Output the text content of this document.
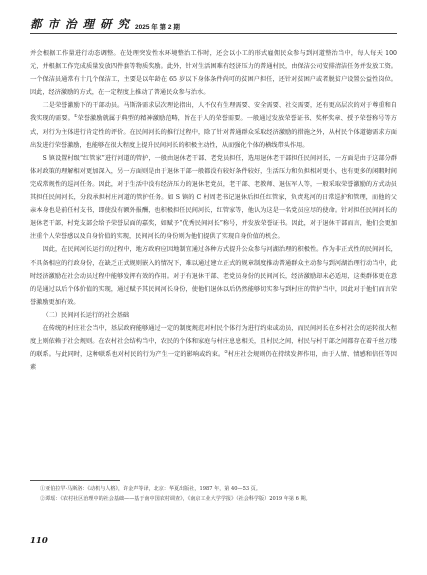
都 市 治 理 研 究 2025 年 第 2 期

并会根据工作量进行动态调整。在处理突发性水环境整治工作时，还会以小工的形式雇佣民众参与到河道整治当中，每人每天 100 元，并根据工作完成质量发放四件套等物质奖励。此外，针对生活困难有经济压力的普通村民，由保洁公司安排清洁任务并发放工资。一个保洁员通常有十几个保洁工，主要是以年龄在 65 岁以下身体条件尚可的贫困户担任，还针对贫困户或者脱贫户设置公益性岗位。因此，经济激励的方式，在一定程度上推动了普通民众参与治水。

二是荣誉激励下的干部动员。马斯洛需求层次理论指出，人不仅有生理需要、安全需要、社交需要，还有更高层次的对于尊重和自我实现的需要。①荣誉激励就属于典型的精神激励范畴，旨在于人的荣誉需要。一般通过发放荣誉证书、奖杯奖章、授予荣誉称号等方式，对行为主体进行肯定性的评价。在民间河长的推行过程中，除了针对普通群众采取经济激励的措施之外，从村民个体道德需求方面出发进行荣誉激励，也能够在很大程度上提升民间河长的积极主动性，从而强化个体的横线带头作用。

S 镇设置村级“红管家”进行河道的管护，一般由退休老干部、老党员担任，选用退休老干部担任民间河长，一方面是由于这部分群体对政策的理解相对更加深入，另一方面则是由于退休干部一般都没有较好条件较好，生活压力和负担相对更小，也有更多的闲暇时间完成常规性的巡河任务。因此，对于生活中没有经济压力的退休老党员，老干部、老教师、退伍军人等，一般采取荣誉激励的方式动员其担任民间河长，分段承担村庄河道的管护任务。如 S 镇的 C 村周老书记退休后担任红管家，负责兆河的日常巡护和管理，而他的父亲本身也是前任村支书，即使没有额外报酬，也积极担任民间河长，红管家等，他认为这是一名党员应尽的使命。针对担任民间河长的退休老干部，村党支部会给予荣誉层面的嘉奖，如赋予“优秀民间河长”称号，并发放荣誉证书。因此，对于退休干部而言，他们会更加注重个人荣誉感以及自身价值的实现，民间河长的身份则为他们提供了实现自身价值的机会。

因此，在民间河长运行的过程中，地方政府应因地制宜通过各种方式提升公众参与河湖治理的积极性。作为非正式性的民间河长，不具备相应的行政身份，在缺乏正式规则嵌入的情况下，难以通过建立正式的规章制度推动普通群众主动参与到河湖治理行动当中，此时经济激励在社会动员过程中能够发挥有效的作用。对于有退休干部、老党员身份的民间河长，经济激励却未必适用，这类群体更在意的是通过以后个体价值的实现，通过赋予其民间河长身份，使他们退休以后仍然能够切实参与到村庄的管护当中，因此对于他们而言荣誉激励更加有效。

（二）民间河长运行的社会基础

在传统的村庄社会当中，基层政府能够通过一定的制度规范对村民个体行为进行约束或动员，而民间河长在乡村社会的运转很大程度上则依赖于社会规则。在农村社会结构当中，农民的个体和家庭与村庄息息相关，且村民之间，村民与村干部之间都存在着千丝万缕的联系。与此同时，这种联系也对村民的行为产生一定的影响或约束。②村庄社会规则仍在持续发挥作用，由于人情、情感和信任等因素

①亚伯拉罕·马斯洛：《动机与人格》，许金声等译，北京：华夏出版社，1987 年，第 40—53 页。
②谭瑶：《农村社区治理中的社会基础——基于南中国农村调查》，《南京工业大学学报》（社会科学版）2019 年第 6 期。
110
